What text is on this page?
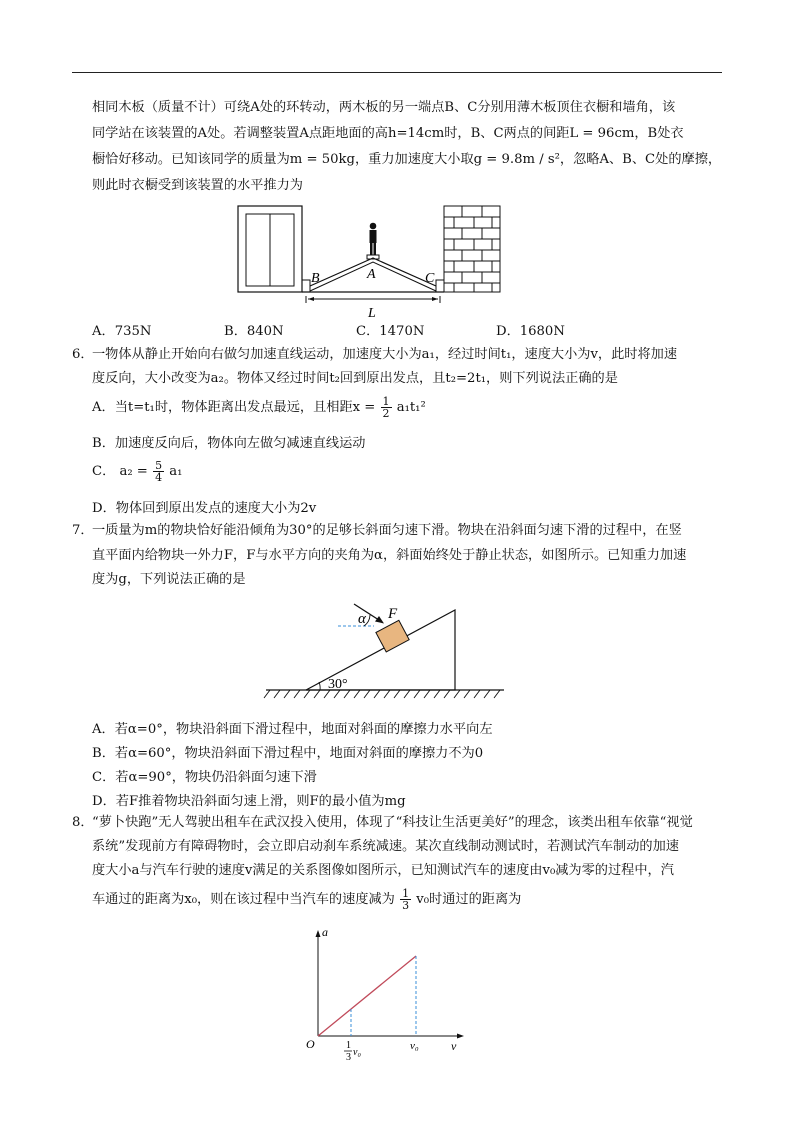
相同木板（质量不计）可绕A处的环转动，两木板的另一端点B、C分别用薄木板顶住衣橱和墙角，该

同学站在该装置的A处。若调整装置A点距地面的高h=14cm时，B、C两点的间距L = 96cm，B处衣

橱恰好移动。已知该同学的质量为m = 50kg，重力加速度大小取g = 9.8m / s²，忽略A、B、C处的摩擦，

则此时衣橱受到该装置的水平推力为

B	A	C
L
A．735N	B．840N	C．1470N	D．1680N

6．一物体从静止开始向右做匀加速直线运动，加速度大小为a₁，经过时间t₁，速度大小为v，此时将加速

度反向，大小改变为a₂。物体又经过时间t₂回到原出发点，且t₂=2t₁，则下列说法正确的是

A．当t=t₁时，物体距离出发点最远，且相距$x = \frac{1}{2} a_1t_1^2$
B．加速度反向后，物体向左做匀减速直线运动
C． $a_2 = \frac{5}{4} a_1$
D．物体回到原出发点的速度大小为2v

7．一质量为m的物块恰好能沿倾角为30°的足够长斜面匀速下滑。物块在沿斜面匀速下滑的过程中，在竖

直平面内给物块一外力F，F与水平方向的夹角为α，斜面始终处于静止状态，如图所示。已知重力加速

度为g，下列说法正确的是

α F
30°
A．若α=0°，物块沿斜面下滑过程中，地面对斜面的摩擦力水平向左
B．若α=60°，物块沿斜面下滑过程中，地面对斜面的摩擦力不为0
C．若α=90°，物块仍沿斜面匀速下滑
D．若F推着物块沿斜面匀速上滑，则F的最小值为mg

8．“萝卜快跑”无人驾驶出租车在武汉投入使用，体现了“科技让生活更美好”的理念，该类出租车依靠“视觉

系统”发现前方有障碍物时，会立即启动刹车系统减速。某次直线制动测试时，若测试汽车制动的加速

度大小a与汽车行驶的速度v满足的关系图像如图所示，已知测试汽车的速度由v₀减为零的过程中，汽

车通过的距离为x₀，则在该过程中当汽车的速度减为 $\frac{1}{3} v_0$时通过的距离为
a
O	v
v₀
1
3 v₀
